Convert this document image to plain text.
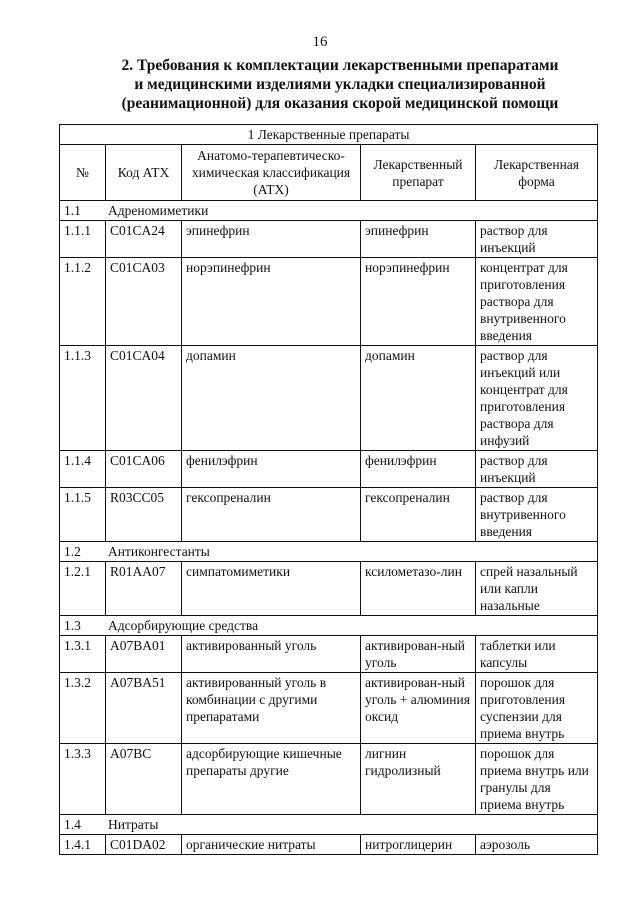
16
2. Требования к комплектации лекарственными препаратами
и медицинскими изделиями укладки специализированной
(реанимационной) для оказания скорой медицинской помощи
1 Лекарственные препараты				
№	Код АТХ	Анатомо-терапевтическо-химическая классификация (АТХ)	Лекарственный препарат	Лекарственная форма
1.1 Адреномиметики				
1.1.1	C01CA24	эпинефрин	эпинефрин	раствор для инъекций
1.1.2	C01CA03	норэпинефрин	норэпинефрин	концентрат для приготовления раствора для внутривенного введения
1.1.3	C01CA04	допамин	допамин	раствор для инъекций или концентрат для приготовления раствора для инфузий
1.1.4	C01CA06	фенилэфрин	фенилэфрин	раствор для инъекций
1.1.5	R03CC05	гексопреналин	гексопреналин	раствор для внутривенного введения
1.2 Антиконгестанты				
1.2.1	R01AA07	симпатомиметики	ксилометазо-лин	спрей назальный или капли назальные
1.3 Адсорбирующие средства				
1.3.1	A07BA01	активированный уголь	активирован-ный уголь	таблетки или капсулы
1.3.2	A07BA51	активированный уголь в комбинации с другими препаратами	активирован-ный уголь + алюминия оксид	порошок для приготовления суспензии для приема внутрь
1.3.3	A07BC	адсорбирующие кишечные препараты другие	лигнин гидролизный	порошок для приема внутрь или гранулы для приема внутрь
1.4 Нитраты				
1.4.1	C01DA02	органические нитраты	нитроглицерин	аэрозоль
